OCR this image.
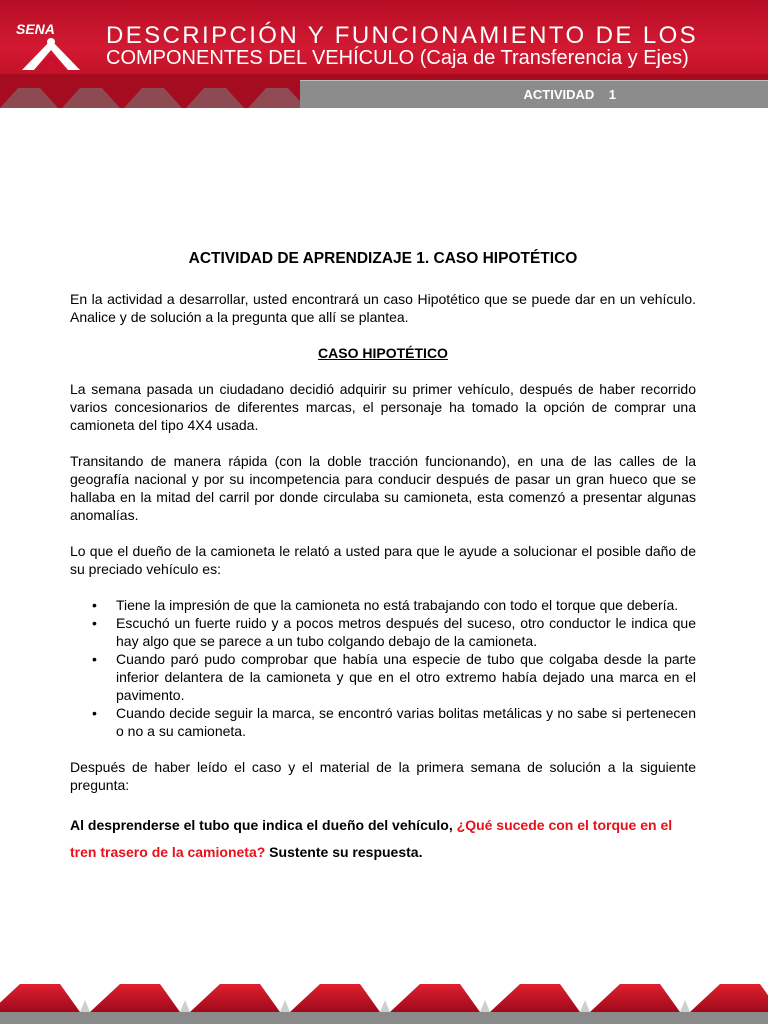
SENA DESCRIPCIÓN Y FUNCIONAMIENTO DE LOS
COMPONENTES DEL VEHÍCULO (Caja de Transferencia y Ejes)
ACTIVIDAD    1
ACTIVIDAD DE APRENDIZAJE 1. CASO HIPOTÉTICO

En la actividad a desarrollar, usted encontrará un caso Hipotético que se puede dar en un vehículo. Analice y de solución a la pregunta que allí se plantea.

CASO HIPOTÉTICO

La semana pasada un ciudadano decidió adquirir su primer vehículo, después de haber recorrido varios concesionarios de diferentes marcas, el personaje ha tomado la opción de comprar una camioneta del tipo 4X4 usada.

Transitando de manera rápida (con la doble tracción funcionando), en una de las calles de la geografía nacional y por su incompetencia para conducir después de pasar un gran hueco que se hallaba en la mitad del carril por donde circulaba su camioneta, esta comenzó a presentar algunas anomalías.

Lo que el dueño de la camioneta le relató a usted para que le ayude a solucionar el posible daño de su preciado vehículo es:

• Tiene la impresión de que la camioneta no está trabajando con todo el torque que debería.
• Escuchó un fuerte ruido y a pocos metros después del suceso, otro conductor le indica que hay algo que se parece a un tubo colgando debajo de la camioneta.
• Cuando paró pudo comprobar que había una especie de tubo que colgaba desde la parte inferior delantera de la camioneta y que en el otro extremo había dejado una marca en el pavimento.
• Cuando decide seguir la marca, se encontró varias bolitas metálicas y no sabe si pertenecen o no a su camioneta.

Después de haber leído el caso y el material de la primera semana de solución a la siguiente pregunta:

Al desprenderse el tubo que indica el dueño del vehículo, ¿Qué sucede con el torque en el tren trasero de la camioneta? Sustente su respuesta.
